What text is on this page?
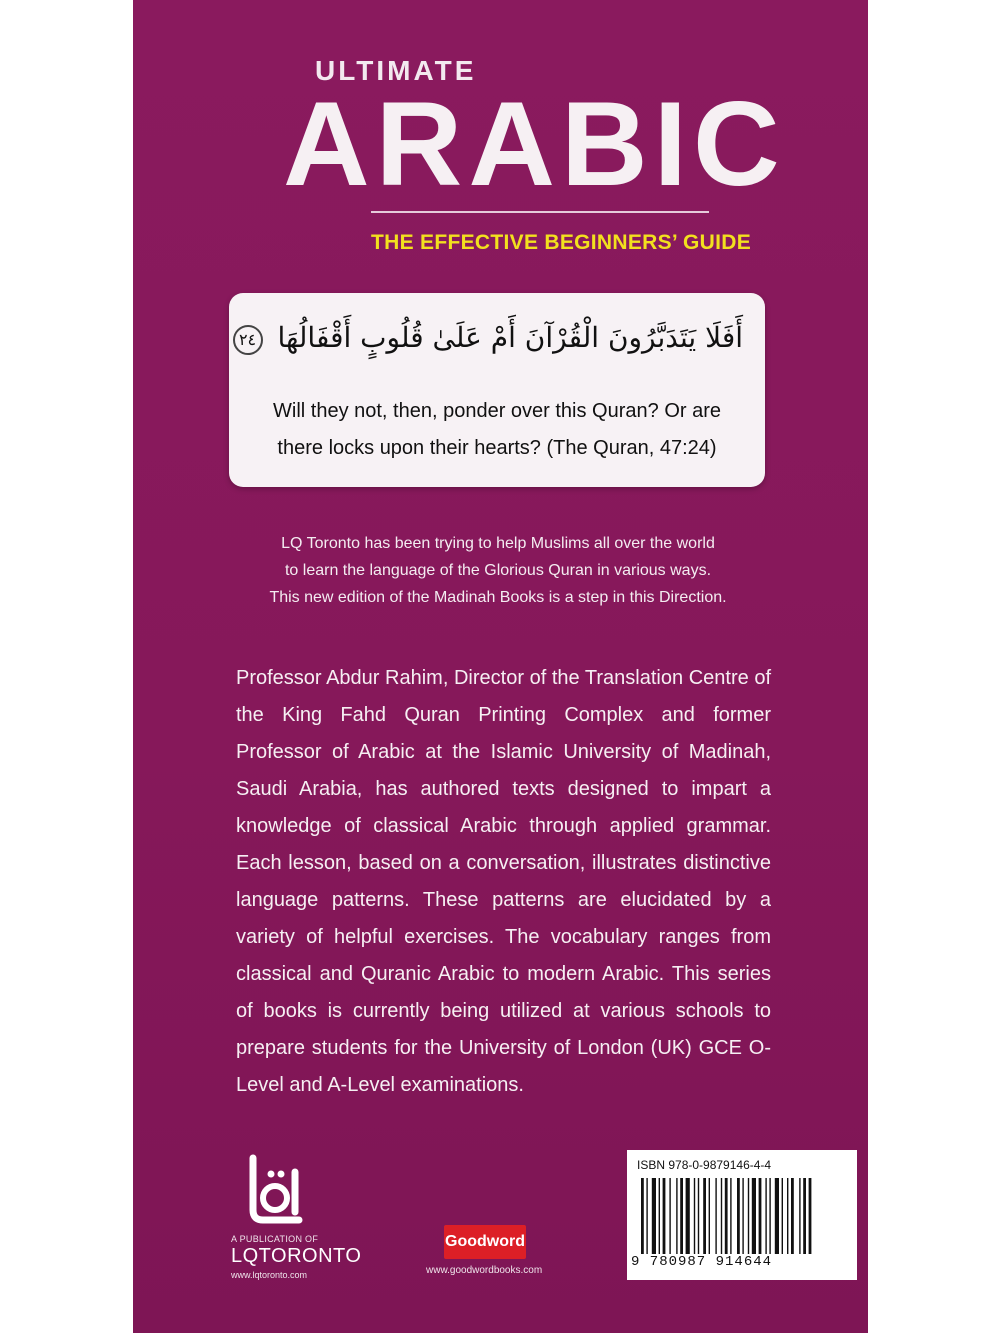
ULTIMATE
ARABIC
THE EFFECTIVE BEGINNERS’ GUIDE
أَفَلَا يَتَدَبَّرُونَ الْقُرْآنَ أَمْ عَلَىٰ قُلُوبٍ أَقْفَالُهَا ٢٤
Will they not, then, ponder over this Quran? Or are
there locks upon their hearts? (The Quran, 47:24)
LQ Toronto has been trying to help Muslims all over the world
to learn the language of the Glorious Quran in various ways.
This new edition of the Madinah Books is a step in this Direction.
Professor Abdur Rahim, Director of the Translation Centre of the King Fahd Quran Printing Complex and former Professor of Arabic at the Islamic University of Madinah, Saudi Arabia, has authored texts designed to impart a knowledge of classical Arabic through applied grammar. Each lesson, based on a conversation, illustrates distinctive language patterns. These patterns are elucidated by a variety of helpful exercises. The vocabulary ranges from classical and Quranic Arabic to modern Arabic. This series of books is currently being utilized at various schools to prepare students for the University of London (UK) GCE O-Level and A-Level examinations.
A PUBLICATION OF
LQTORONTO
www.lqtoronto.com
Goodword
www.goodwordbooks.com
ISBN 978-0-9879146-4-4
9 780987 914644
